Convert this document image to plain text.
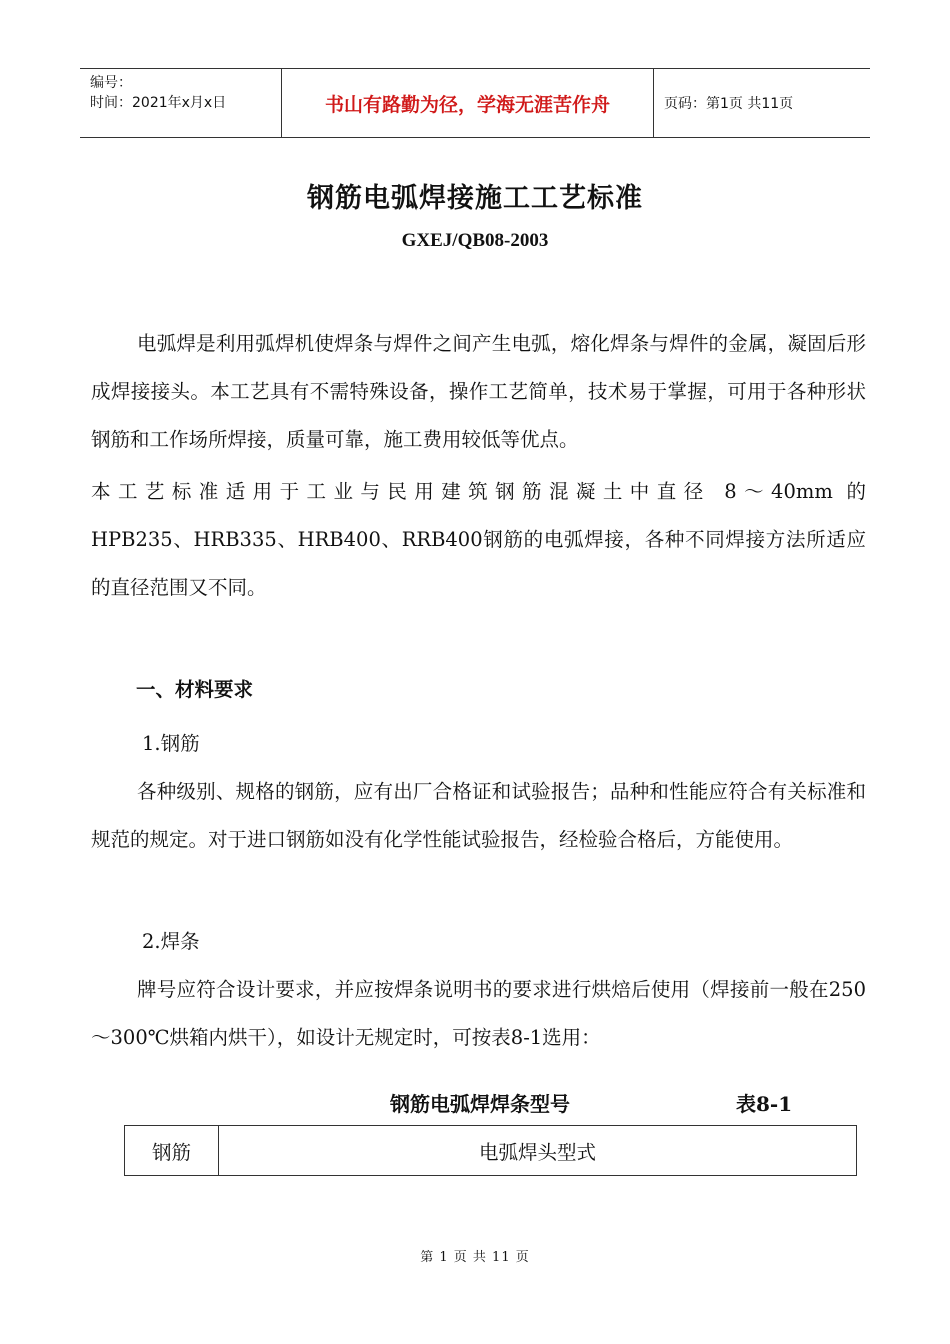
编号：
时间：2021年x月x日	书山有路勤为径，学海无涯苦作舟	页码：第1页 共11页
钢筋电弧焊接施工工艺标准
GXEJ/QB08-2003
电弧焊是利用弧焊机使焊条与焊件之间产生电弧，熔化焊条与焊件的金属，凝固后形成焊接接头。本工艺具有不需特殊设备，操作工艺简单，技术易于掌握，可用于各种形状钢筋和工作场所焊接，质量可靠，施工费用较低等优点。
本工艺标准适用于工业与民用建筑钢筋混凝土中直径 8～40mm 的
HPB235、HRB335、HRB400、RRB400钢筋的电弧焊接，各种不同焊接方法所适应的直径范围又不同。
一、材料要求
1.钢筋
各种级别、规格的钢筋，应有出厂合格证和试验报告；品种和性能应符合有关标准和规范的规定。对于进口钢筋如没有化学性能试验报告，经检验合格后，方能使用。
2.焊条
牌号应符合设计要求，并应按焊条说明书的要求进行烘焙后使用（焊接前一般在250～300℃烘箱内烘干），如设计无规定时，可按表8-1选用：
钢筋电弧焊焊条型号	表8-1
钢筋	电弧焊头型式
第 1 页 共 11 页
